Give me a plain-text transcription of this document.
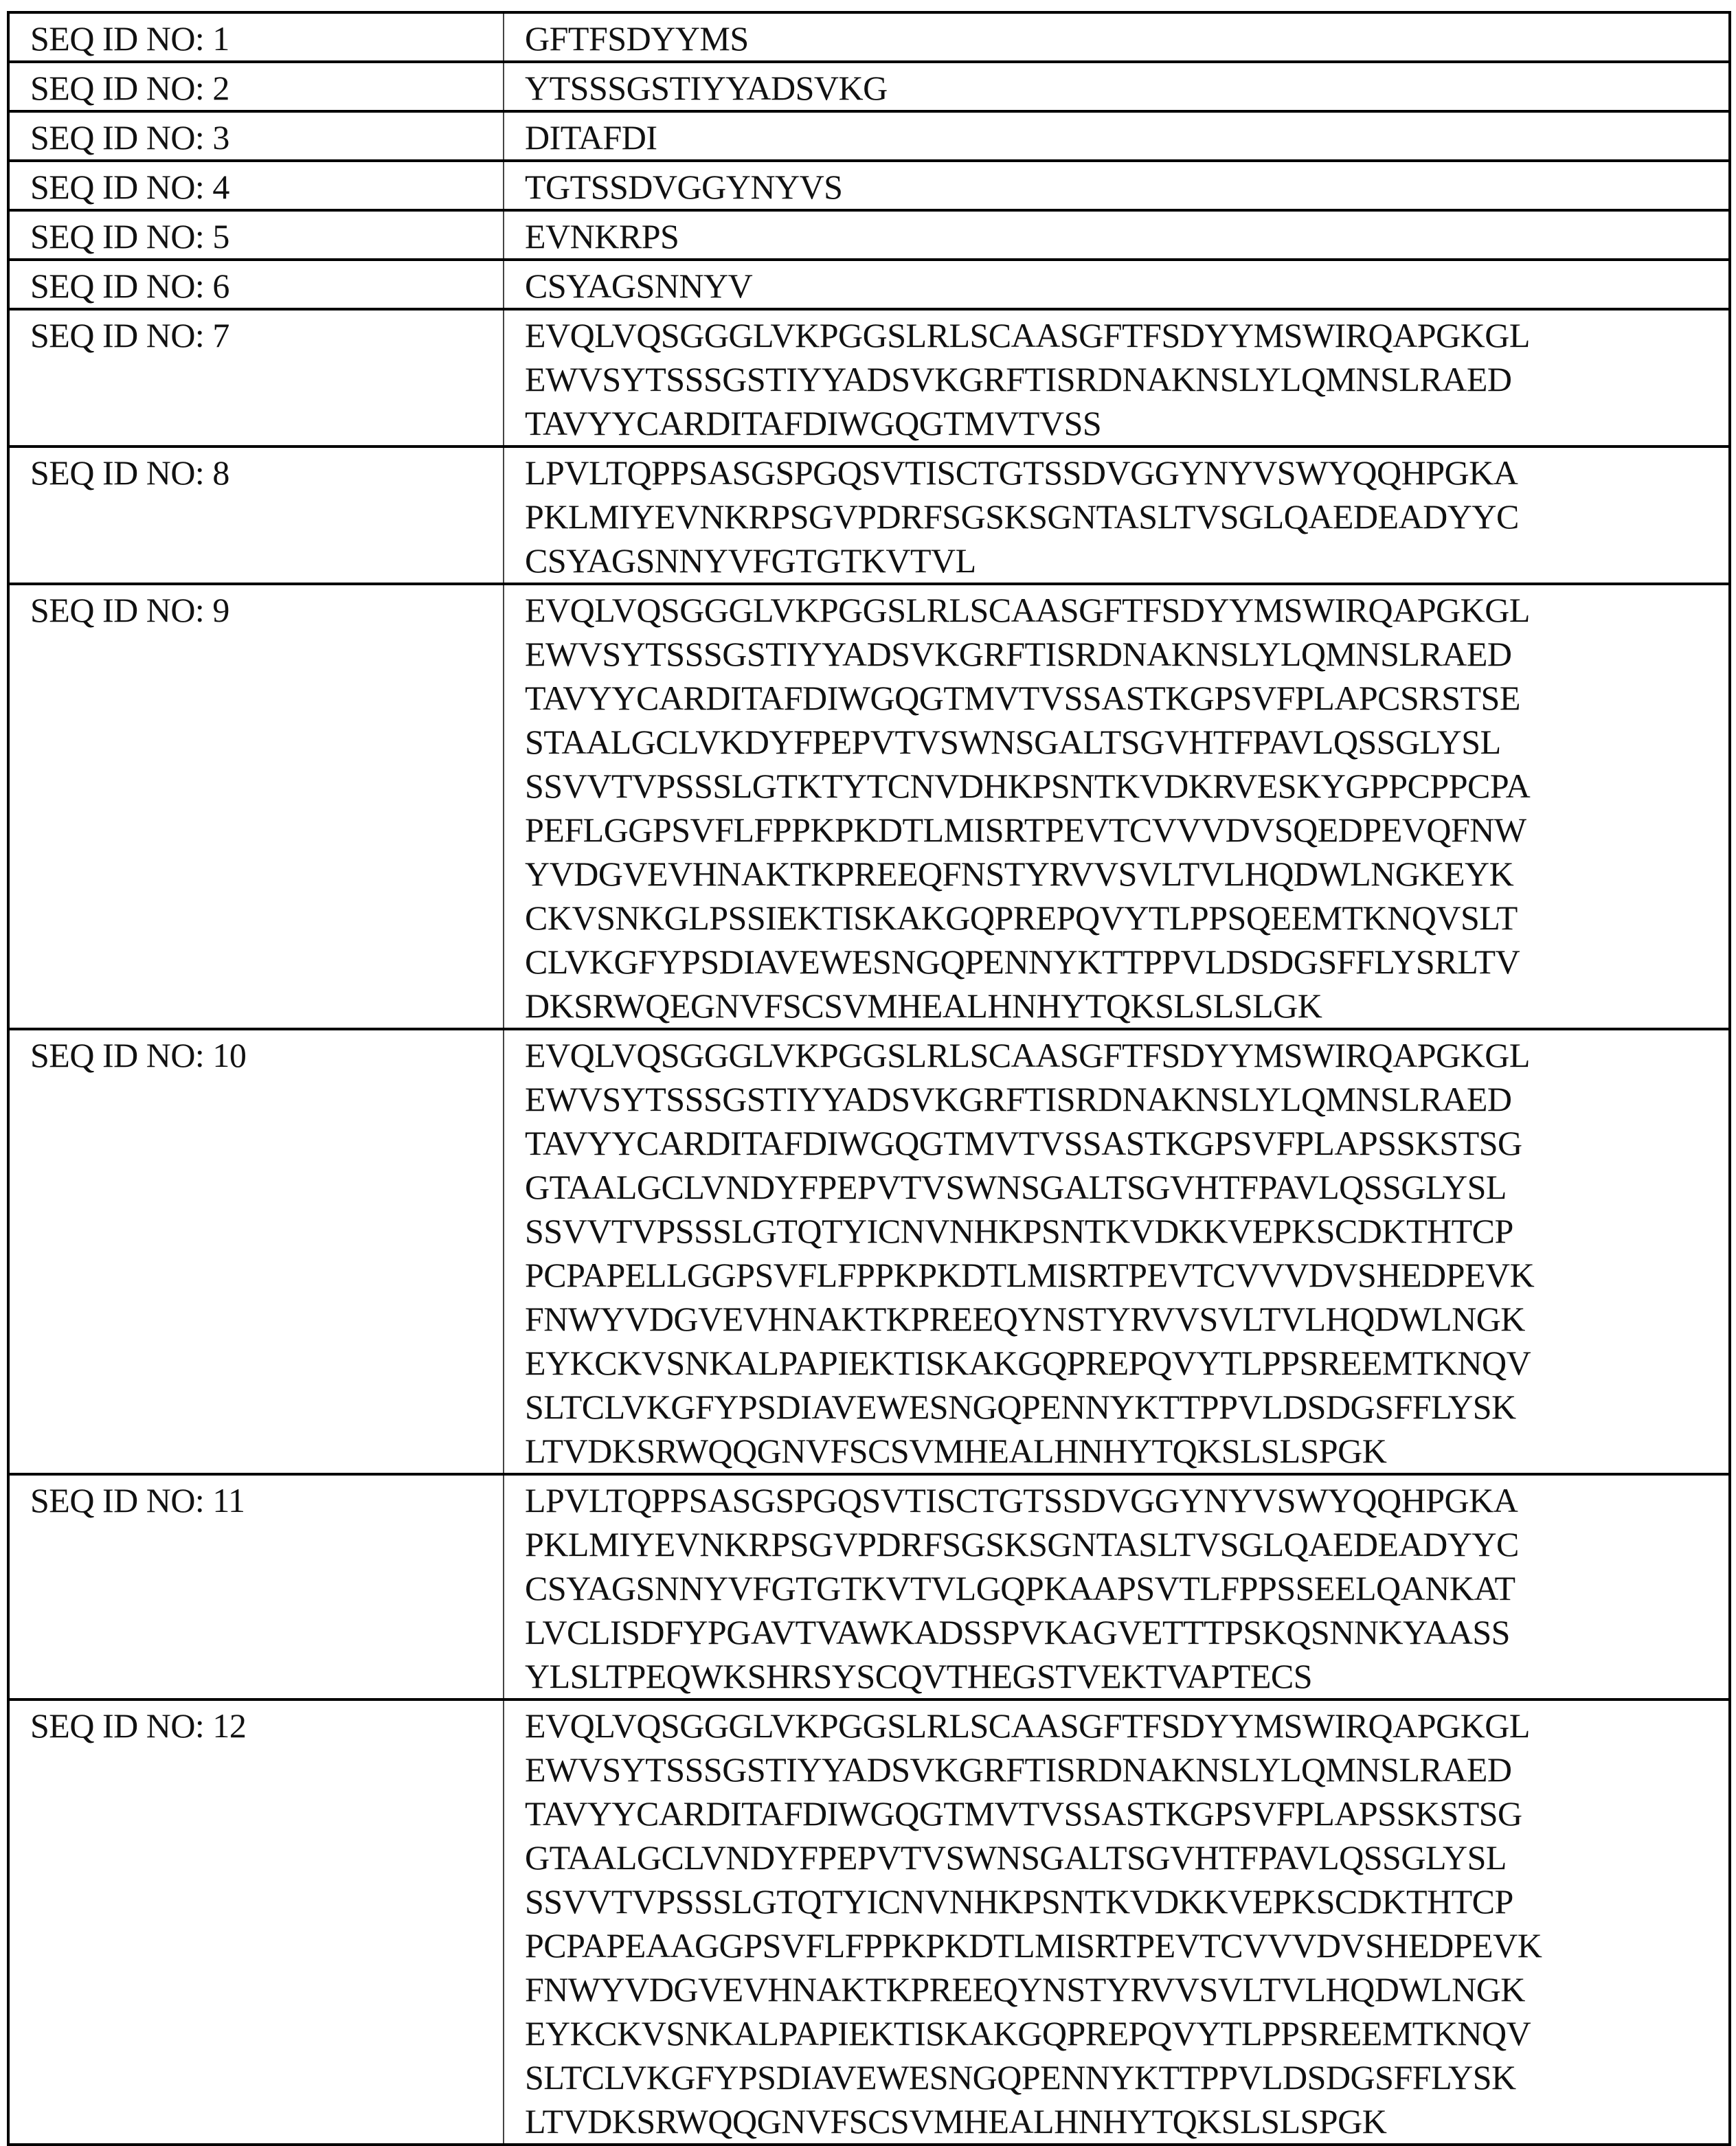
SEQ ID NO: 1	GFTFSDYYMS

SEQ ID NO: 2	YTSSSGSTIYYADSVKG

SEQ ID NO: 3	DITAFDI

SEQ ID NO: 4	TGTSSDVGGYNYVS

SEQ ID NO: 5	EVNKRPS

SEQ ID NO: 6	CSYAGSNNYV

SEQ ID NO: 7	EVQLVQSGGGLVKPGGSLRLSCAASGFTFSDYYMSWIRQAPGKGL
EWVSYTSSSGSTIYYADSVKGRFTISRDNAKNSLYLQMNSLRAED
TAVYYCARDITAFDIWGQGTMVTVSS

SEQ ID NO: 8	LPVLTQPPSASGSPGQSVTISCTGTSSDVGGYNYVSWYQQHPGKA
PKLMIYEVNKRPSGVPDRFSGSKSGNTASLTVSGLQAEDEADYYC
CSYAGSNNYVFGTGTKVTVL

SEQ ID NO: 9	EVQLVQSGGGLVKPGGSLRLSCAASGFTFSDYYMSWIRQAPGKGL
EWVSYTSSSGSTIYYADSVKGRFTISRDNAKNSLYLQMNSLRAED
TAVYYCARDITAFDIWGQGTMVTVSSASTKGPSVFPLAPCSRSTSE
STAALGCLVKDYFPEPVTVSWNSGALTSGVHTFPAVLQSSGLYSL
SSVVTVPSSSLGTKTYTCNVDHKPSNTKVDKRVESKYGPPCPPCPA
PEFLGGPSVFLFPPKPKDTLMISRTPEVTCVVVDVSQEDPEVQFNW
YVDGVEVHNAKTKPREEQFNSTYRVVSVLTVLHQDWLNGKEYK
CKVSNKGLPSSIEKTISKAKGQPREPQVYTLPPSQEEMTKNQVSLT
CLVKGFYPSDIAVEWESNGQPENNYKTTPPVLDSDGSFFLYSRLTV
DKSRWQEGNVFSCSVMHEALHNHYTQKSLSLSLGK

SEQ ID NO: 10	EVQLVQSGGGLVKPGGSLRLSCAASGFTFSDYYMSWIRQAPGKGL
EWVSYTSSSGSTIYYADSVKGRFTISRDNAKNSLYLQMNSLRAED
TAVYYCARDITAFDIWGQGTMVTVSSASTKGPSVFPLAPSSKSTSG
GTAALGCLVNDYFPEPVTVSWNSGALTSGVHTFPAVLQSSGLYSL
SSVVTVPSSSLGTQTYICNVNHKPSNTKVDKKVEPKSCDKTHTCP
PCPAPELLGGPSVFLFPPKPKDTLMISRTPEVTCVVVDVSHEDPEVK
FNWYVDGVEVHNAKTKPREEQYNSTYRVVSVLTVLHQDWLNGK
EYKCKVSNKALPAPIEKTISKAKGQPREPQVYTLPPSREEMTKNQV
SLTCLVKGFYPSDIAVEWESNGQPENNYKTTPPVLDSDGSFFLYSK
LTVDKSRWQQGNVFSCSVMHEALHNHYTQKSLSLSPGK

SEQ ID NO: 11	LPVLTQPPSASGSPGQSVTISCTGTSSDVGGYNYVSWYQQHPGKA
PKLMIYEVNKRPSGVPDRFSGSKSGNTASLTVSGLQAEDEADYYC
CSYAGSNNYVFGTGTKVTVLGQPKAAPSVTLFPPSSEELQANKAT
LVCLISDFYPGAVTVAWKADSSPVKAGVETTTPSKQSNNKYAASS
YLSLTPEQWKSHRSYSCQVTHEGSTVEKTVAPTECS

SEQ ID NO: 12	EVQLVQSGGGLVKPGGSLRLSCAASGFTFSDYYMSWIRQAPGKGL
EWVSYTSSSGSTIYYADSVKGRFTISRDNAKNSLYLQMNSLRAED
TAVYYCARDITAFDIWGQGTMVTVSSASTKGPSVFPLAPSSKSTSG
GTAALGCLVNDYFPEPVTVSWNSGALTSGVHTFPAVLQSSGLYSL
SSVVTVPSSSLGTQTYICNVNHKPSNTKVDKKVEPKSCDKTHTCP
PCPAPEAAGGPSVFLFPPKPKDTLMISRTPEVTCVVVDVSHEDPEVK
FNWYVDGVEVHNAKTKPREEQYNSTYRVVSVLTVLHQDWLNGK
EYKCKVSNKALPAPIEKTISKAKGQPREPQVYTLPPSREEMTKNQV
SLTCLVKGFYPSDIAVEWESNGQPENNYKTTPPVLDSDGSFFLYSK
LTVDKSRWQQGNVFSCSVMHEALHNHYTQKSLSLSPGK
